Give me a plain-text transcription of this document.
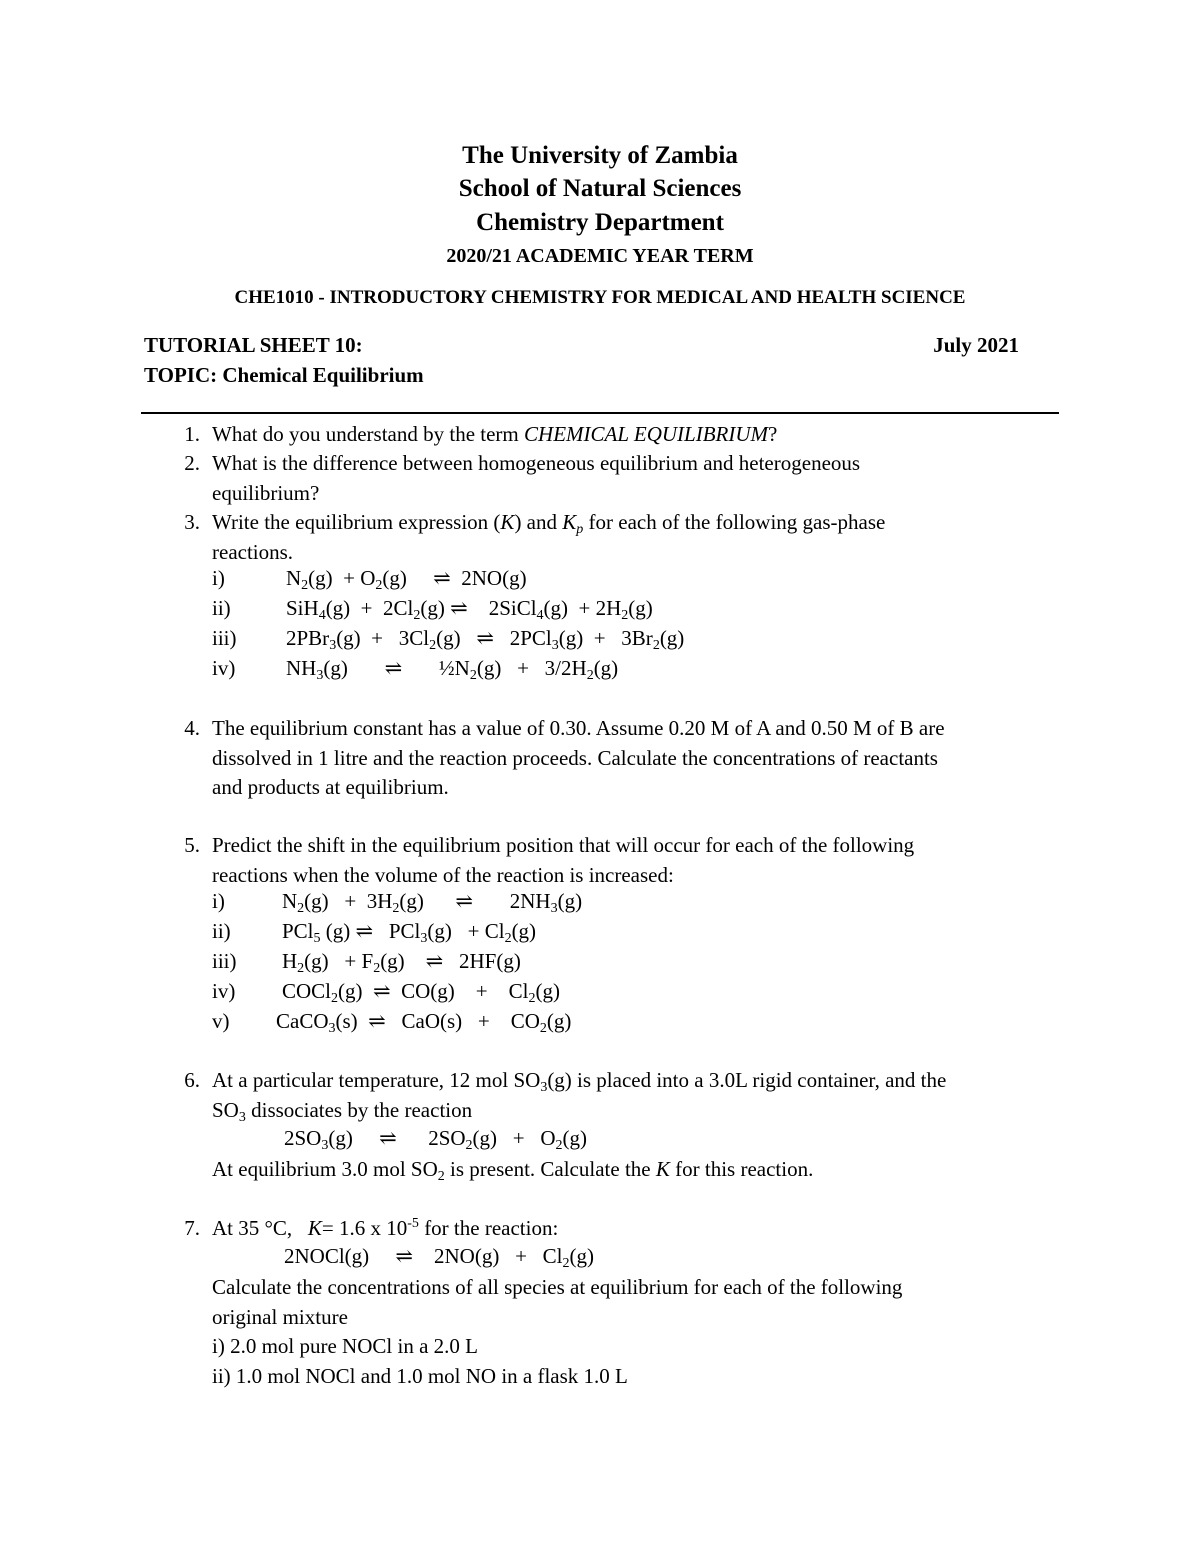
The University of Zambia
School of Natural Sciences
Chemistry Department
2020/21 ACADEMIC YEAR TERM
CHE1010 - INTRODUCTORY CHEMISTRY FOR MEDICAL AND HEALTH SCIENCE
TUTORIAL SHEET 10:	July 2021
TOPIC: Chemical Equilibrium
1. What do you understand by the term CHEMICAL EQUILIBRIUM?
2. What is the difference between homogeneous equilibrium and heterogeneous
equilibrium?
3. Write the equilibrium expression (K) and $K_p$ for each of the following gas-phase
reactions.

i)

	$N_2(g) + O_2(g)$     ⇌  2NO(g)

ii)

	$SiH_4(g) + 2Cl_2(g)$ ⇌    2SiCl$_4$(g)  + $2H_2(g)$

iii)

$2PBr_3(g) + 3Cl_2(g)$   ⇌   $2PCl_3(g) + 3Br_2(g)$

iv)

$NH_3(g)$       ⇌       $\frac{1}{2}N_2(g) + 3/2H_2(g)$

4. The equilibrium constant has a value of 0.30. Assume 0.20 M of A and 0.50 M of B are
dissolved in 1 litre and the reaction proceeds. Calculate the concentrations of reactants
and products at equilibrium.
5. Predict the shift in the equilibrium position that will occur for each of the following
reactions when the volume of the reaction is increased:

i)

	$N_2(g) + 3H_2(g)$      ⇌       $2NH_3(g)$

ii)

PCl$_5$ (g) ⇌   $PCl_3(g) + Cl_2(g)$

iii)

$H_2(g) + F_2(g)$    ⇌   2HF(g)

iv)

COCl$_2$(g)  ⇌  CO(g)    +    $Cl_2(g)$

v)

CaCO$_3$(s)  ⇌   CaO(s)   +    $CO_2(g)$

6. At a particular temperature, 12 mol $SO_3(g)$ is placed into a 3.0L rigid container, and the
$SO_3$ dissociates by the reaction

$2SO_3(g)$     ⇌      $2SO_2(g) + O_2(g)$

At equilibrium 3.0 mol $SO_2$ is present. Calculate the K for this reaction.
7. At 35 °C,   K= 1.6 x $10^{-5}$ for the reaction:

2NOCl(g)     ⇌    $2NO(g) + Cl_2(g)$

Calculate the concentrations of all species at equilibrium for each of the following
original mixture
i) 2.0 mol pure NOCl in a 2.0 L
ii) 1.0 mol NOCl and 1.0 mol NO in a flask 1.0 L
